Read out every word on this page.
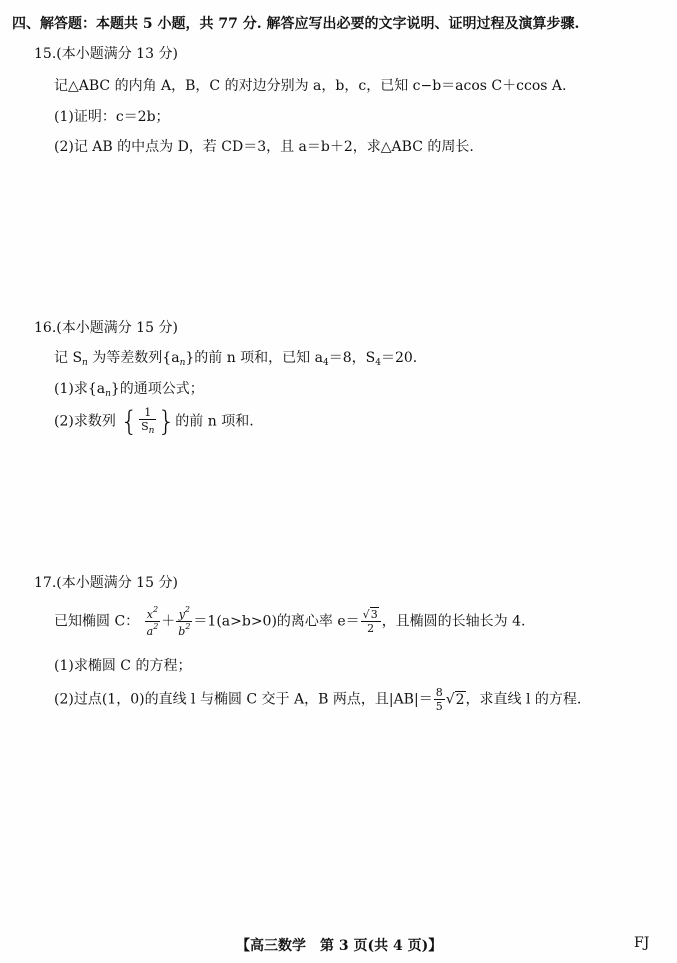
四、解答题：本题共 5 小题，共 77 分. 解答应写出必要的文字说明、证明过程及演算步骤.
15.(本小题满分 13 分)
记△ABC 的内角 A，B，C 的对边分别为 a，b，c，已知 c−b＝acos C＋ccos A.
(1)证明：c＝2b；
(2)记 AB 的中点为 D，若 CD＝3，且 a＝b＋2，求△ABC 的周长.
16.(本小题满分 15 分)
记 $S_n$ 为等差数列$\{a_n\}$的前 n 项和，已知 $a_4=8$，$S_4=20$.
(1)求$\{a_n\}$的通项公式；
(2)求数列 { $\frac{1}{S_n}$ }的前 n 项和.
17.(本小题满分 15 分)
已知椭圆 C： $\frac{x^2}{a^2} + \frac{y^2}{b^2} =1(a>b>0)$的离心率 $e= \frac{√3}{2}$ ，且椭圆的长轴长为 4.
(1)求椭圆 C 的方程；
(2)过点(1，0)的直线 l 与椭圆 C 交于 A，B 两点，且$|AB|= \frac{8}{5} √2$，求直线 l 的方程.
【高三数学　第 3 页(共 4 页)】	FJ
